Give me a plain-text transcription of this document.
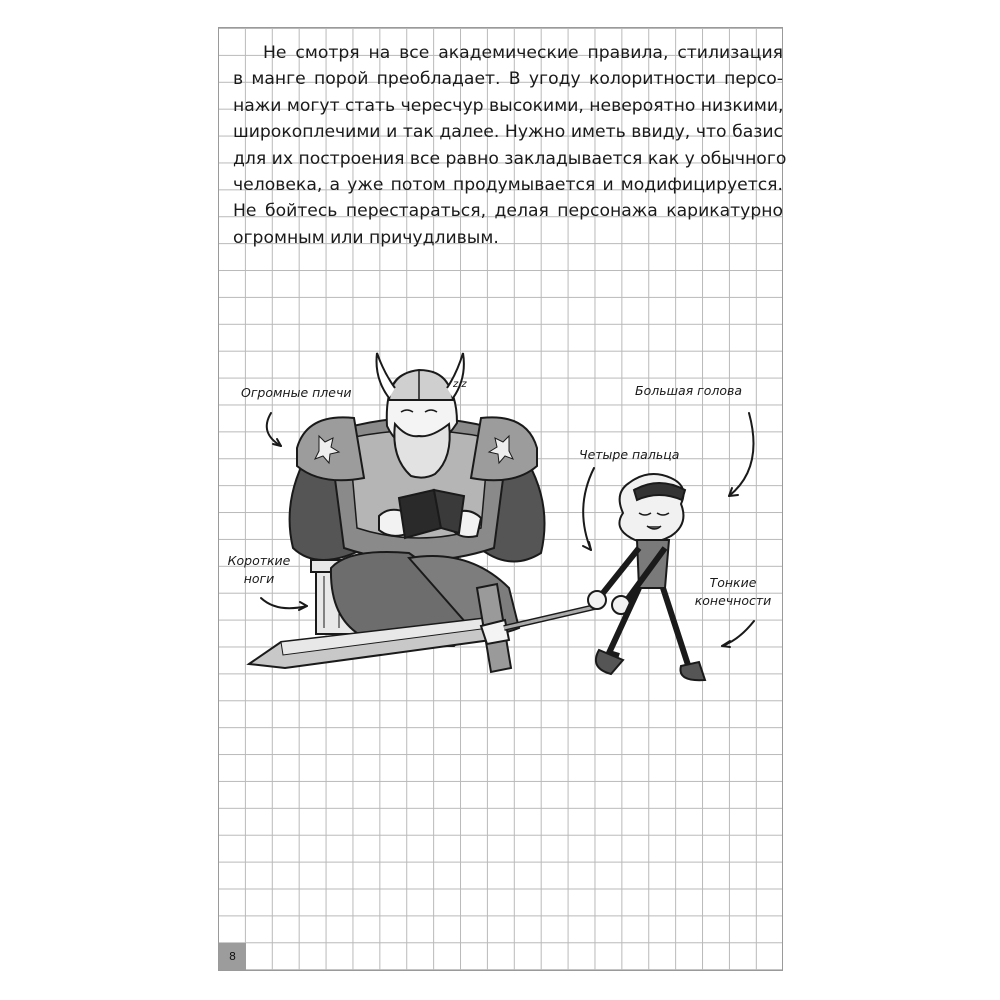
Не смотря на все академические правила, стилизация
в манге порой преобладает. В угоду колоритности персо-
нажи могут стать чересчур высокими, невероятно низкими,
широкоплечими и так далее. Нужно иметь ввиду, что базис
для их построения все равно закладывается как у обычного
человека, а уже потом продумывается и модифицируется.
Не бойтесь перестараться, делая персонажа карикатурно
огромным или причудливым.

Огромные плечи
z z
Короткие
ноги
Большая голова
Четыре пальца
Тонкие
конечности
8
